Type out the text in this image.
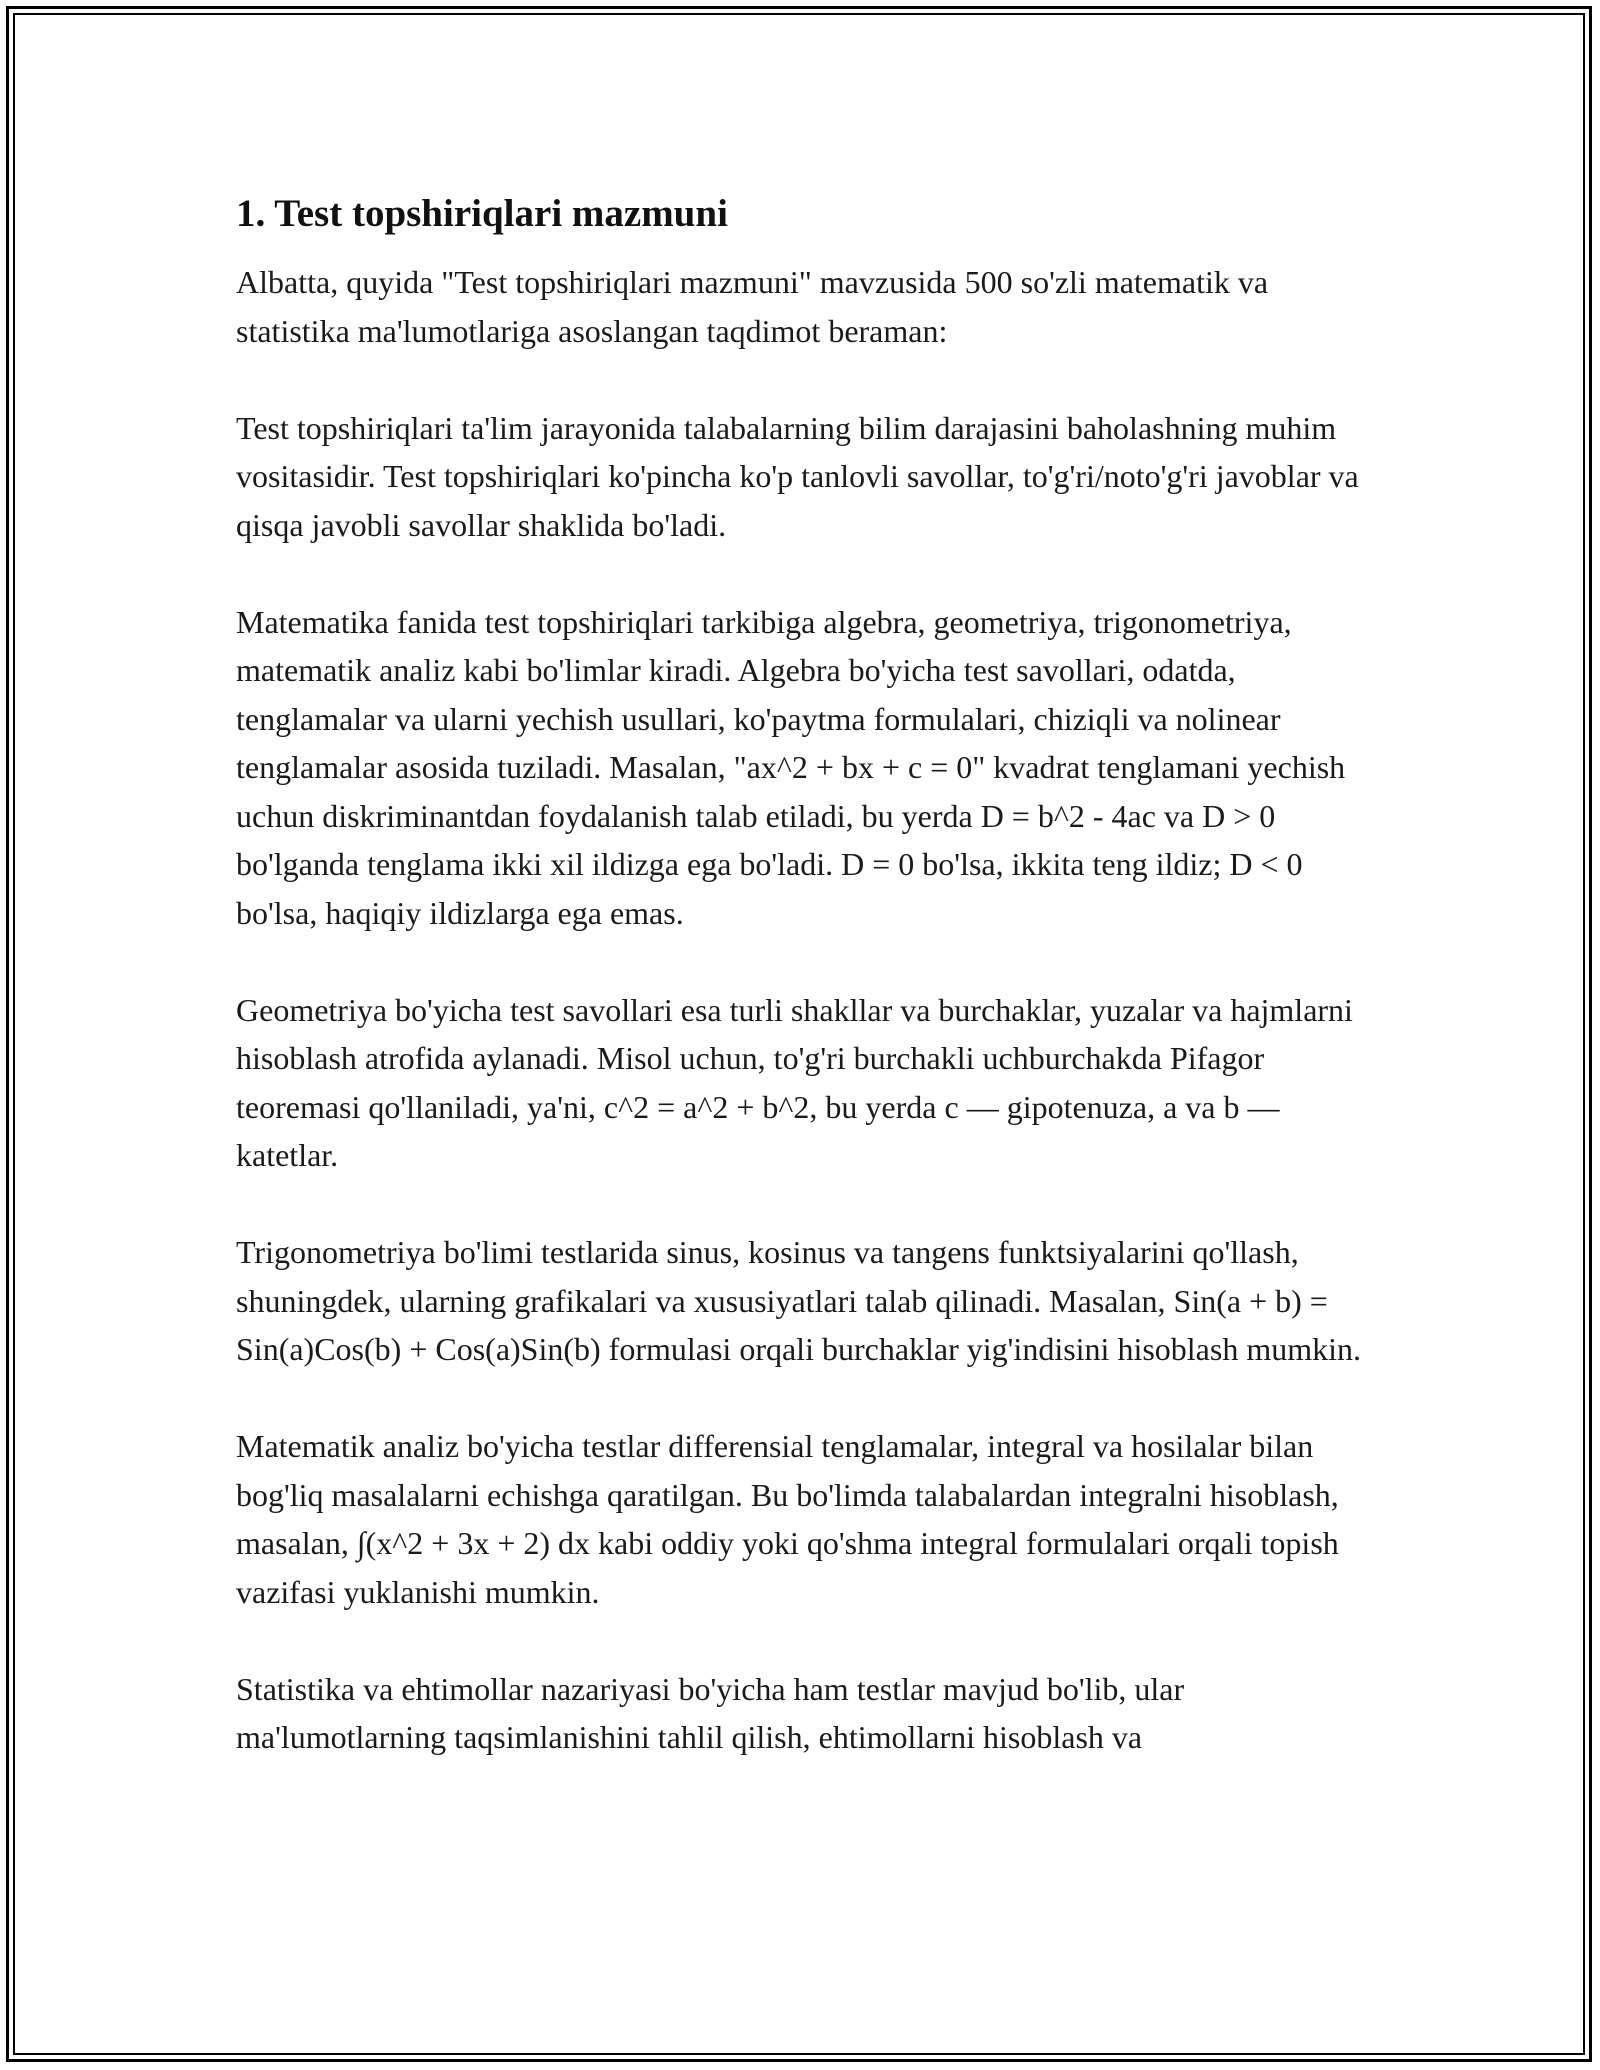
1. Test topshiriqlari mazmuni

Albatta, quyida "Test topshiriqlari mazmuni" mavzusida 500 so'zli matematik va statistika ma'lumotlariga asoslangan taqdimot beraman:

Test topshiriqlari ta'lim jarayonida talabalarning bilim darajasini baholashning muhim vositasidir. Test topshiriqlari ko'pincha ko'p tanlovli savollar, to'g'ri/noto'g'ri javoblar va qisqa javobli savollar shaklida bo'ladi.

Matematika fanida test topshiriqlari tarkibiga algebra, geometriya, trigonometriya, matematik analiz kabi bo'limlar kiradi. Algebra bo'yicha test savollari, odatda, tenglamalar va ularni yechish usullari, ko'paytma formulalari, chiziqli va nolinear tenglamalar asosida tuziladi. Masalan, "ax^2 + bx + c = 0" kvadrat tenglamani yechish uchun diskriminantdan foydalanish talab etiladi, bu yerda D = b^2 - 4ac va D > 0 bo'lganda tenglama ikki xil ildizga ega bo'ladi. D = 0 bo'lsa, ikkita teng ildiz; D < 0 bo'lsa, haqiqiy ildizlarga ega emas.

Geometriya bo'yicha test savollari esa turli shakllar va burchaklar, yuzalar va hajmlarni hisoblash atrofida aylanadi. Misol uchun, to'g'ri burchakli uchburchakda Pifagor teoremasi qo'llaniladi, ya'ni, c^2 = a^2 + b^2, bu yerda c — gipotenuza, a va b — katetlar.

Trigonometriya bo'limi testlarida sinus, kosinus va tangens funktsiyalarini qo'llash, shuningdek, ularning grafikalari va xususiyatlari talab qilinadi. Masalan, Sin(a + b) = Sin(a)Cos(b) + Cos(a)Sin(b) formulasi orqali burchaklar yig'indisini hisoblash mumkin.

Matematik analiz bo'yicha testlar differensial tenglamalar, integral va hosilalar bilan bog'liq masalalarni echishga qaratilgan. Bu bo'limda talabalardan integralni hisoblash, masalan, ∫(x^2 + 3x + 2) dx kabi oddiy yoki qo'shma integral formulalari orqali topish vazifasi yuklanishi mumkin.

Statistika va ehtimollar nazariyasi bo'yicha ham testlar mavjud bo'lib, ular ma'lumotlarning taqsimlanishini tahlil qilish, ehtimollarni hisoblash va
